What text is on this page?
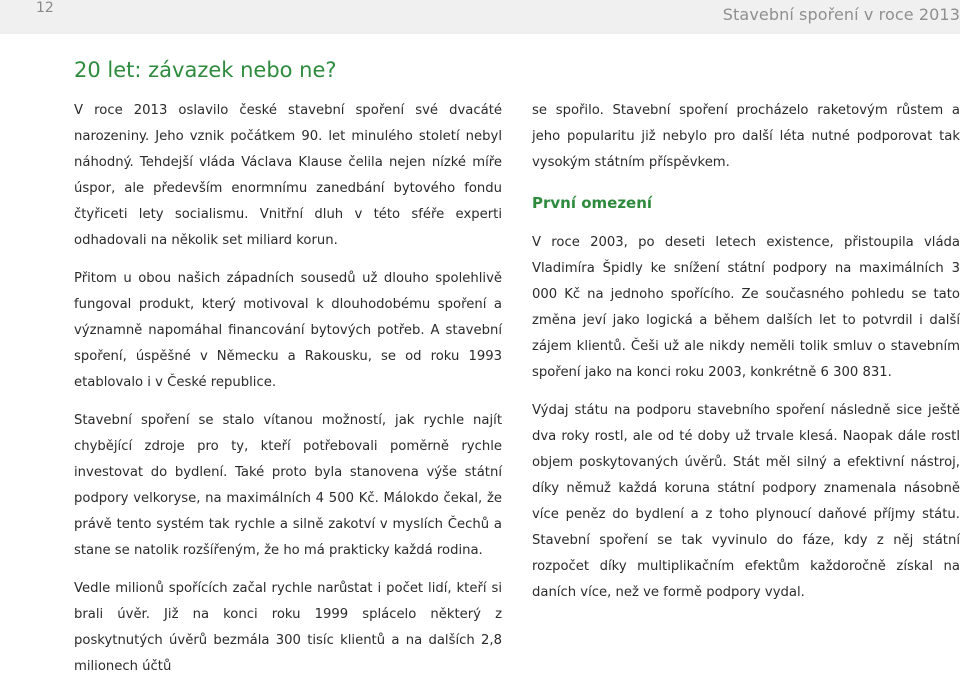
12	Stavební spoření v roce 2013
20 let: závazek nebo ne?

V roce 2013 oslavilo české stavební spoření své dvacáté narozeniny. Jeho vznik počátkem 90. let minulého století nebyl náhodný. Tehdejší vláda Václava Klause čelila nejen nízké míře úspor, ale především enormnímu zanedbání bytového fondu čtyřiceti lety socialismu. Vnitřní dluh v této sféře experti odhadovali na několik set miliard korun.

Přitom u obou našich západních sousedů už dlouho spolehlivě fungoval produkt, který motivoval k dlouhodobému spoření a významně napomáhal financování bytových potřeb. A stavební spoření, úspěšné v Německu a Rakousku, se od roku 1993 etablovalo i v České republice.

Stavební spoření se stalo vítanou možností, jak rychle najít chybějící zdroje pro ty, kteří potřebovali poměrně rychle investovat do bydlení. Také proto byla stanovena výše státní podpory velkoryse, na maximálních 4 500 Kč. Málokdo čekal, že právě tento systém tak rychle a silně zakotví v myslích Čechů a stane se natolik rozšířeným, že ho má prakticky každá rodina.

Vedle milionů spořících začal rychle narůstat i počet lidí, kteří si brali úvěr. Již na konci roku 1999 splácelo některý z poskytnutých úvěrů bezmála 300 tisíc klientů a na dalších 2,8 milionech účtů

se spořilo. Stavební spoření procházelo raketovým růstem a jeho popularitu již nebylo pro další léta nutné podporovat tak vysokým státním příspěvkem.

První omezení

V roce 2003, po deseti letech existence, přistoupila vláda Vladimíra Špidly ke snížení státní podpory na maximálních 3 000 Kč na jednoho spořícího. Ze současného pohledu se tato změna jeví jako logická a během dalších let to potvrdil i další zájem klientů. Češi už ale nikdy neměli tolik smluv o stavebním spoření jako na konci roku 2003, konkrétně 6 300 831.

Výdaj státu na podporu stavebního spoření následně sice ještě dva roky rostl, ale od té doby už trvale klesá. Naopak dále rostl objem poskytovaných úvěrů. Stát měl silný a efektivní nástroj, díky němuž každá koruna státní podpory znamenala násobně více peněz do bydlení a z toho plynoucí daňové příjmy státu. Stavební spoření se tak vyvinulo do fáze, kdy z něj státní rozpočet díky multiplikačním efektům každoročně získal na daních více, než ve formě podpory vydal.
